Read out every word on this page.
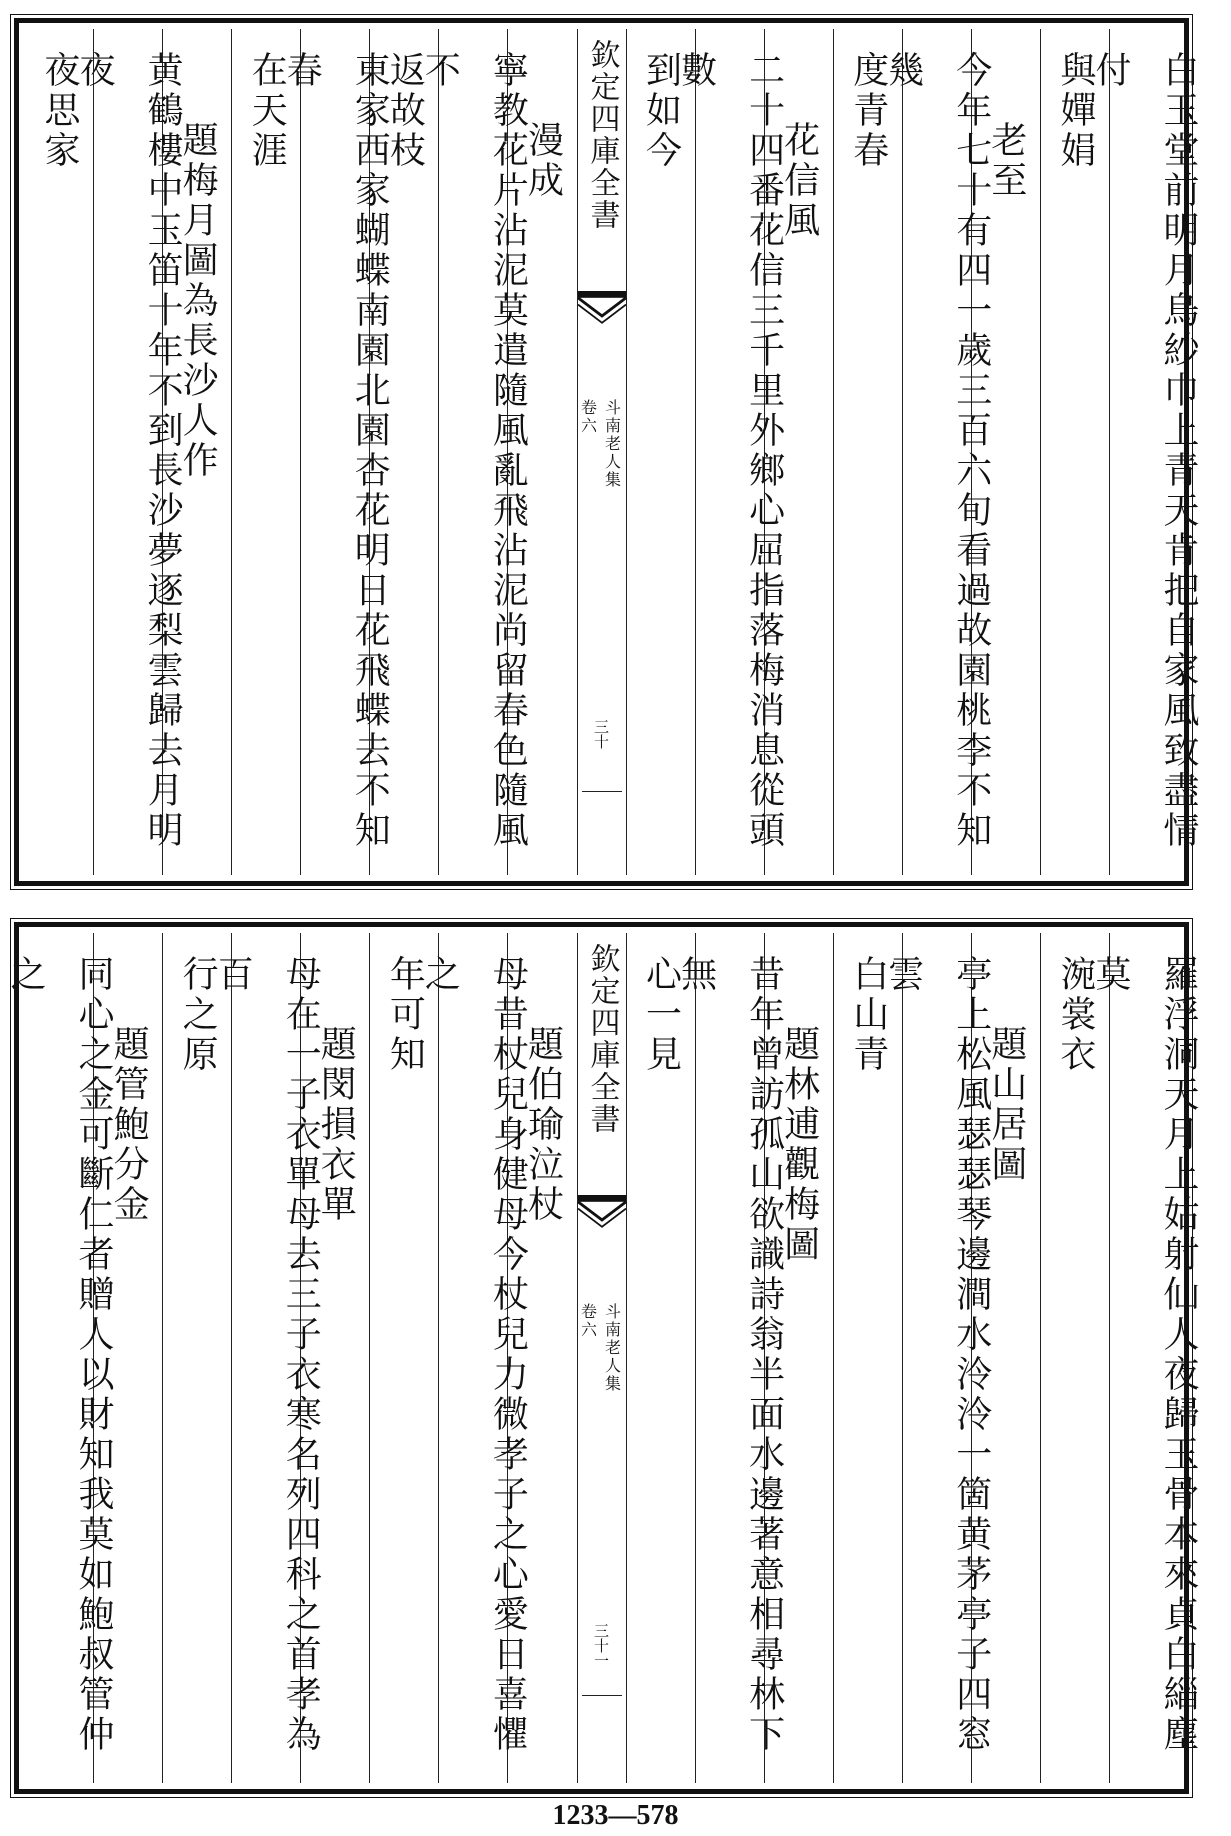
白玉堂前明月烏紗巾上青天肯把自家風致盡情付
與嬋娟
老至
今年七十有四一歲三百六旬看過故園桃李不知幾
度青春
花信風
二十四番花信三千里外鄉心屈指落梅消息從頭數
到如今
欽定四庫全書
斗南老人集
卷六
三十
漫成
寧教花片沾泥莫遣隨風亂飛沾泥尚留春色隨風不
返故枝
東家西家蝴蝶南園北園杏花明日花飛蝶去不知春
在天涯
題梅月圖為長沙人作
黄鶴樓中玉笛十年不到長沙夢逐梨雲歸去月明夜
夜思家
羅浮洞天月上姑射仙人夜歸玉骨本來貞白緇塵莫
涴裳衣
題山居圖
亭上松風瑟瑟琴邊澗水泠泠一箇黄茅亭子四窓雲
白山青
題林逋觀梅圖
昔年曾訪孤山欲識詩翁半面水邊著意相尋林下無
心一見
欽定四庫全書
斗南老人集
卷六
三十一
題伯瑜泣杖
母昔杖兒身健母今杖兒力微孝子之心愛日喜懼之
年可知
題閔損衣單
母在一子衣單母去三子衣寒名列四科之首孝為百
行之原
題管鮑分金
同心之金可斷仁者贈人以財知我莫如鮑叔管仲之
1233—578
